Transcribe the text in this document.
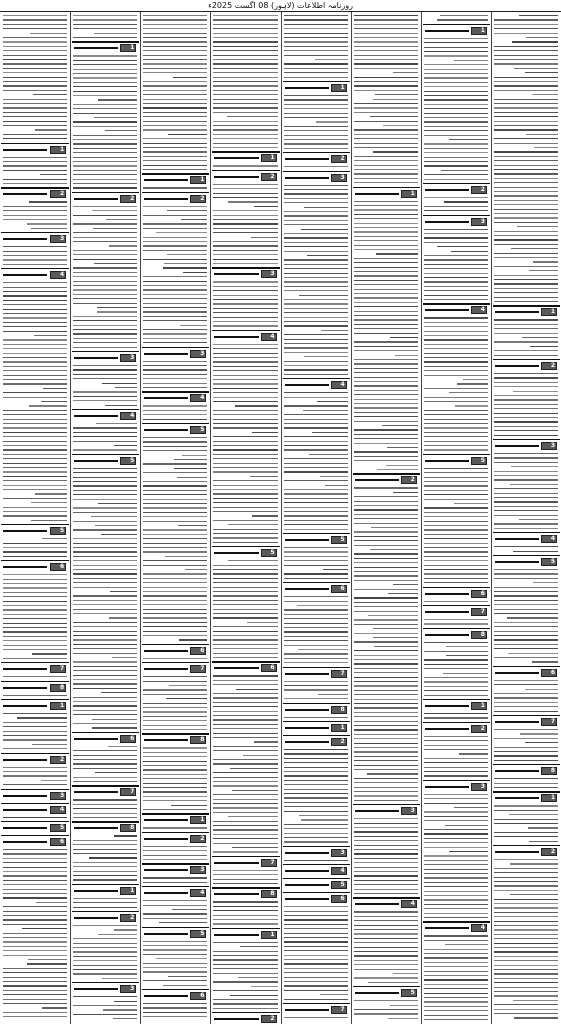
روزنامہ اطلاعات (لاہور) 08 اگست 2025ء
1
2
3
4
5
6
7
8
1
2
3
4
5
6
1
2
3
4
5
6
7
8
1
2
3
1
2
3
4
5
6
7
8
1
2
3
4
5
6
1
2
3
4
5
6
7
8
1
2
1
2
3
4
5
6
7
8
1
2
3
4
5
6
7
1
2
3
4
5
1
2
3
4
5
6
7
8
1
2
3
4
1
2
3
4
5
6
7
8
1
2
